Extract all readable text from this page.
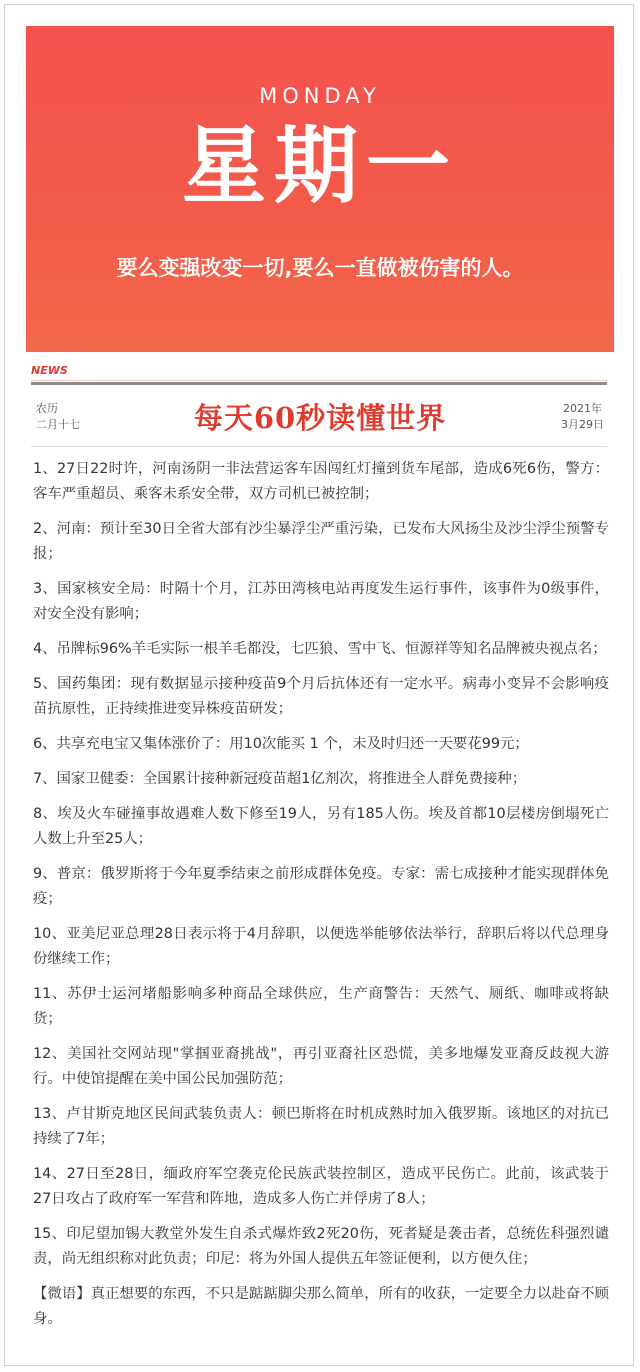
MONDAY
星期一
要么变强改变一切,要么一直做被伤害的人。
NEWS
农历
二月十七	每天60秒读懂世界	2021年
3月29日
1、27日22时许，河南汤阴一非法营运客车因闯红灯撞到货车尾部，造成6死6伤，警方：客车严重超员、乘客未系安全带，双方司机已被控制；
2、河南：预计至30日全省大部有沙尘暴浮尘严重污染，已发布大风扬尘及沙尘浮尘预警专报；
3、国家核安全局：时隔十个月，江苏田湾核电站再度发生运行事件，该事件为0级事件，对安全没有影响；
4、吊牌标96%羊毛实际一根羊毛都没，七匹狼、雪中飞、恒源祥等知名品牌被央视点名；
5、国药集团：现有数据显示接种疫苗9个月后抗体还有一定水平。病毒小变异不会影响疫苗抗原性，正持续推进变异株疫苗研发；
6、共享充电宝又集体涨价了：用10次能买 1 个，未及时归还一天要花99元；
7、国家卫健委：全国累计接种新冠疫苗超1亿剂次，将推进全人群免费接种；
8、埃及火车碰撞事故遇难人数下修至19人，另有185人伤。埃及首都10层楼房倒塌死亡人数上升至25人；
9、普京：俄罗斯将于今年夏季结束之前形成群体免疫。专家：需七成接种才能实现群体免疫；
10、亚美尼亚总理28日表示将于4月辞职，以便选举能够依法举行，辞职后将以代总理身份继续工作；
11、苏伊士运河堵船影响多种商品全球供应，生产商警告：天然气、厕纸、咖啡或将缺货；
12、美国社交网站现"掌掴亚裔挑战"，再引亚裔社区恐慌，美多地爆发亚裔反歧视大游行。中使馆提醒在美中国公民加强防范；
13、卢甘斯克地区民间武装负责人：顿巴斯将在时机成熟时加入俄罗斯。该地区的对抗已持续了7年；
14、27日至28日，缅政府军空袭克伦民族武装控制区，造成平民伤亡。此前，该武装于27日攻占了政府军一军营和阵地，造成多人伤亡并俘虏了8人；
15、印尼望加锡大教堂外发生自杀式爆炸致2死20伤，死者疑是袭击者，总统佐科强烈谴责，尚无组织称对此负责；印尼：将为外国人提供五年签证便利，以方便久住；
【微语】真正想要的东西，不只是踮踮脚尖那么简单，所有的收获，一定要全力以赴奋不顾身。
